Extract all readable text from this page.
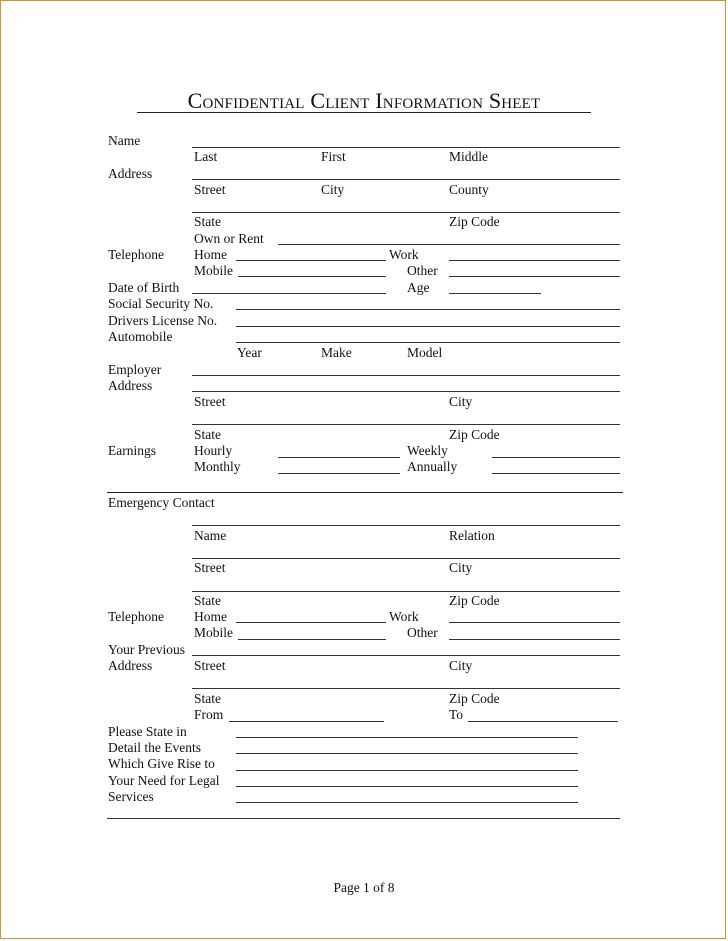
Confidential Client Information Sheet
Name
Last	First	Middle
Address
Street	City	County
State	Zip Code
Own or Rent
Telephone Home	Work
Mobile	Other
Date of Birth	Age
Social Security No.
Drivers License No.
Automobile
Year	Make	Model
Employer
Address
Street	City
State	Zip Code
Earnings	Hourly	Weekly
Monthly	Annually
Emergency Contact
Name	Relation
Street	City
State	Zip Code
Telephone Home	Work
Mobile	Other
Your Previous
Address	Street	City
State	Zip Code
From	To
Please State in
Detail the Events
Which Give Rise to
Your Need for Legal
Services
Page 1 of 8
